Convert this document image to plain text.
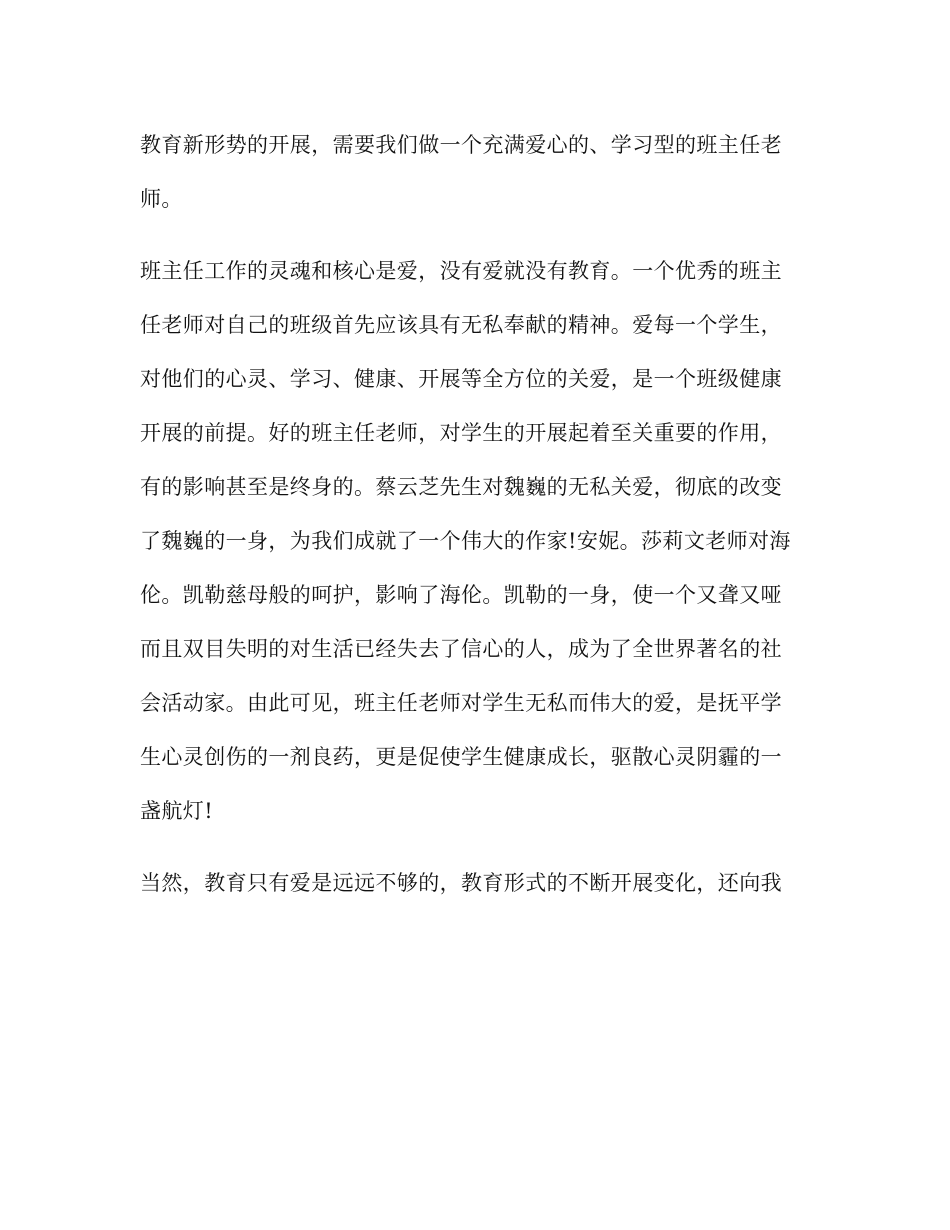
教育新形势的开展，需要我们做一个充满爱心的、学习型的班主任老
师。
班主任工作的灵魂和核心是爱，没有爱就没有教育。一个优秀的班主
任老师对自己的班级首先应该具有无私奉献的精神。爱每一个学生，
对他们的心灵、学习、健康、开展等全方位的关爱，是一个班级健康
开展的前提。好的班主任老师，对学生的开展起着至关重要的作用，
有的影响甚至是终身的。蔡云芝先生对魏巍的无私关爱，彻底的改变
了魏巍的一身，为我们成就了一个伟大的作家!安妮。莎莉文老师对海
伦。凯勒慈母般的呵护，影响了海伦。凯勒的一身，使一个又聋又哑
而且双目失明的对生活已经失去了信心的人，成为了全世界著名的社
会活动家。由此可见，班主任老师对学生无私而伟大的爱，是抚平学
生心灵创伤的一剂良药，更是促使学生健康成长，驱散心灵阴霾的一
盏航灯!
当然，教育只有爱是远远不够的，教育形式的不断开展变化，还向我
